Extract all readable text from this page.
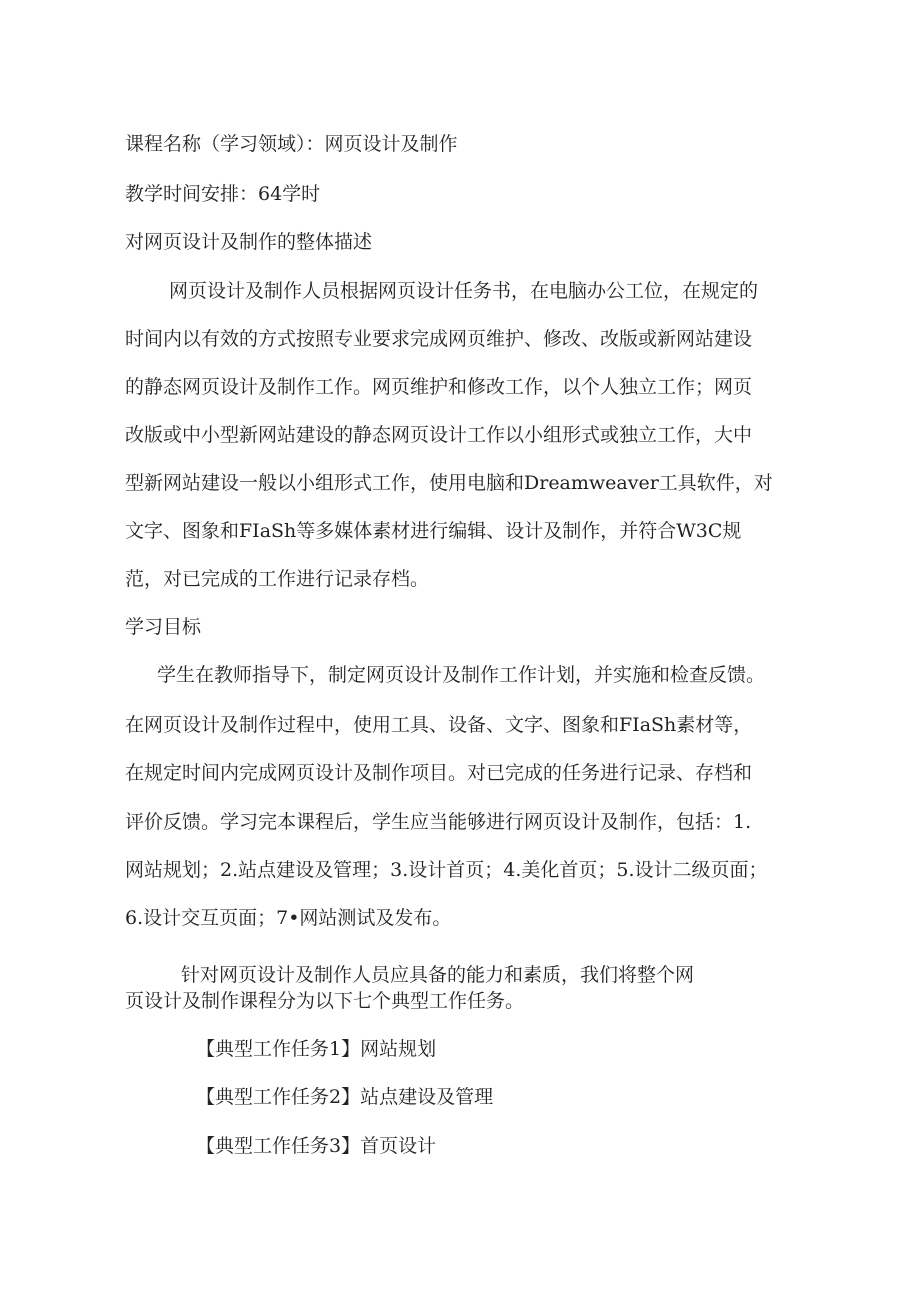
课程名称（学习领域）：网页设计及制作

教学时间安排：64学时

对网页设计及制作的整体描述

网页设计及制作人员根据网页设计任务书，在电脑办公工位，在规定的

时间内以有效的方式按照专业要求完成网页维护、修改、改版或新网站建设

的静态网页设计及制作工作。网页维护和修改工作，以个人独立工作；网页

改版或中小型新网站建设的静态网页设计工作以小组形式或独立工作，大中

型新网站建设一般以小组形式工作，使用电脑和Dreamweaver工具软件，对

文字、图象和FIaSh等多媒体素材进行编辑、设计及制作，并符合W3C规

范，对已完成的工作进行记录存档。

学习目标

学生在教师指导下，制定网页设计及制作工作计划，并实施和检查反馈。

在网页设计及制作过程中，使用工具、设备、文字、图象和FIaSh素材等，

在规定时间内完成网页设计及制作项目。对已完成的任务进行记录、存档和

评价反馈。学习完本课程后，学生应当能够进行网页设计及制作，包括：1.

网站规划；2.站点建设及管理；3.设计首页；4.美化首页；5.设计二级页面；

6.设计交互页面；7•网站测试及发布。

针对网页设计及制作人员应具备的能力和素质，我们将整个网

页设计及制作课程分为以下七个典型工作任务。

【典型工作任务1】网站规划

【典型工作任务2】站点建设及管理

【典型工作任务3】首页设计
